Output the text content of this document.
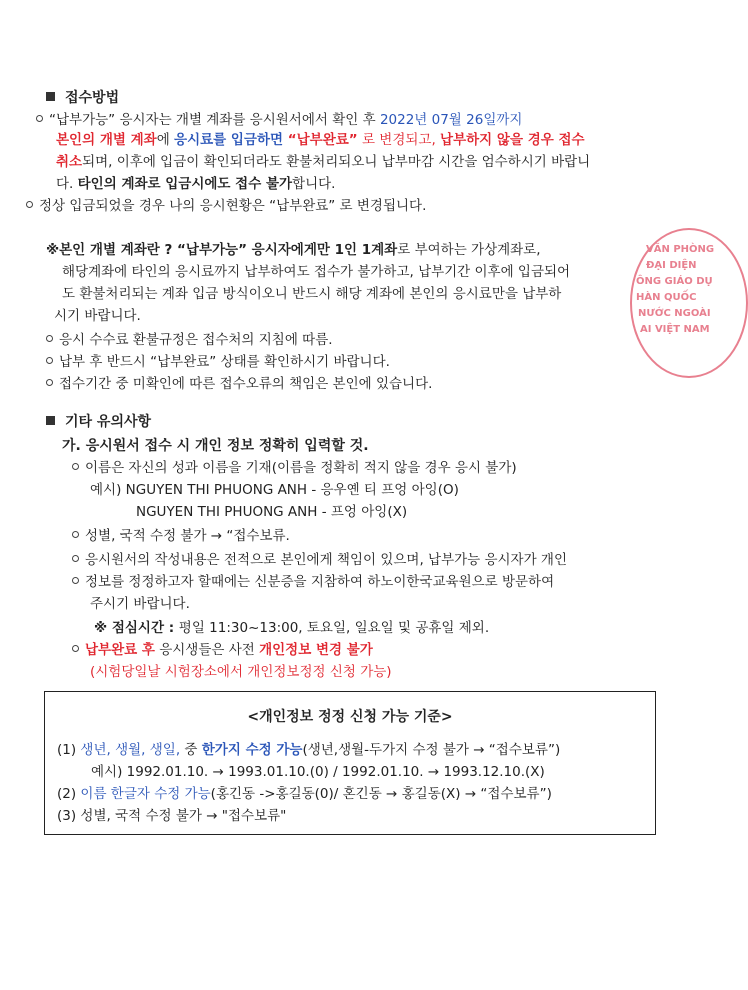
접수방법
“납부가능” 응시자는 개별 계좌를 응시원서에서 확인 후 2022년 07월 26일까지
본인의 개별 계좌에 응시료를 입금하면 “납부완료” 로 변경되고, 납부하지 않을 경우 접수
취소되며, 이후에 입금이 확인되더라도 환불처리되오니 납부마감 시간을 엄수하시기 바랍니
다. 타인의 계좌로 입금시에도 접수 불가합니다.
정상 입금되었을 경우 나의 응시현황은 “납부완료” 로 변경됩니다.
※본인 개별 계좌란 ? “납부가능” 응시자에게만 1인 1계좌로 부여하는 가상계좌로,
해당계좌에 타인의 응시료까지 납부하여도 접수가 불가하고, 납부기간 이후에 입금되어
도 환불처리되는 계좌 입금 방식이오니 반드시 해당 계좌에 본인의 응시료만을 납부하
시기 바랍니다.
응시 수수료 환불규정은 접수처의 지침에 따름.
납부 후 반드시 “납부완료” 상태를 확인하시기 바랍니다.
접수기간 중 미확인에 따른 접수오류의 책임은 본인에 있습니다.
기타 유의사항
가. 응시원서 접수 시 개인 정보 정확히 입력할 것.
이름은 자신의 성과 이름을 기재(이름을 정확히 적지 않을 경우 응시 불가)
예시) NGUYEN THI PHUONG ANH - 응우옌 티 프엉 아잉(O)
NGUYEN THI PHUONG ANH - 프엉 아잉(X)
성별, 국적 수정 불가 → “접수보류.
응시원서의 작성내용은 전적으로 본인에게 책임이 있으며, 납부가능 응시자가 개인
정보를 정정하고자 할때에는 신분증을 지참하여 하노이한국교육원으로 방문하여
주시기 바랍니다.
※ 점심시간 : 평일 11:30~13:00, 토요일, 일요일 및 공휴일 제외.
납부완료 후 응시생들은 사전 개인정보 변경 불가
(시험당일날 시험장소에서 개인정보정정 신청 가능)
<개인정보 정정 신청 가능 기준>
(1) 생년, 생월, 생일, 중 한가지 수정 가능(생년,생월-두가지 수정 불가 → “접수보류”)
예시) 1992.01.10. → 1993.01.10.(0) / 1992.01.10. → 1993.12.10.(X)
(2) 이름 한글자 수정 가능(홍긴동 ->홍길동(0)/ 혼긴동 → 홍길동(X) → “접수보류”)
(3) 성별, 국적 수정 불가 → "접수보류"
VĂN PHÒNG
ĐẠI DIỆN
ÔNG GIÁO DỤ
HÀN QUỐC
NƯỚC NGOÀI
AI VIỆT NAM
